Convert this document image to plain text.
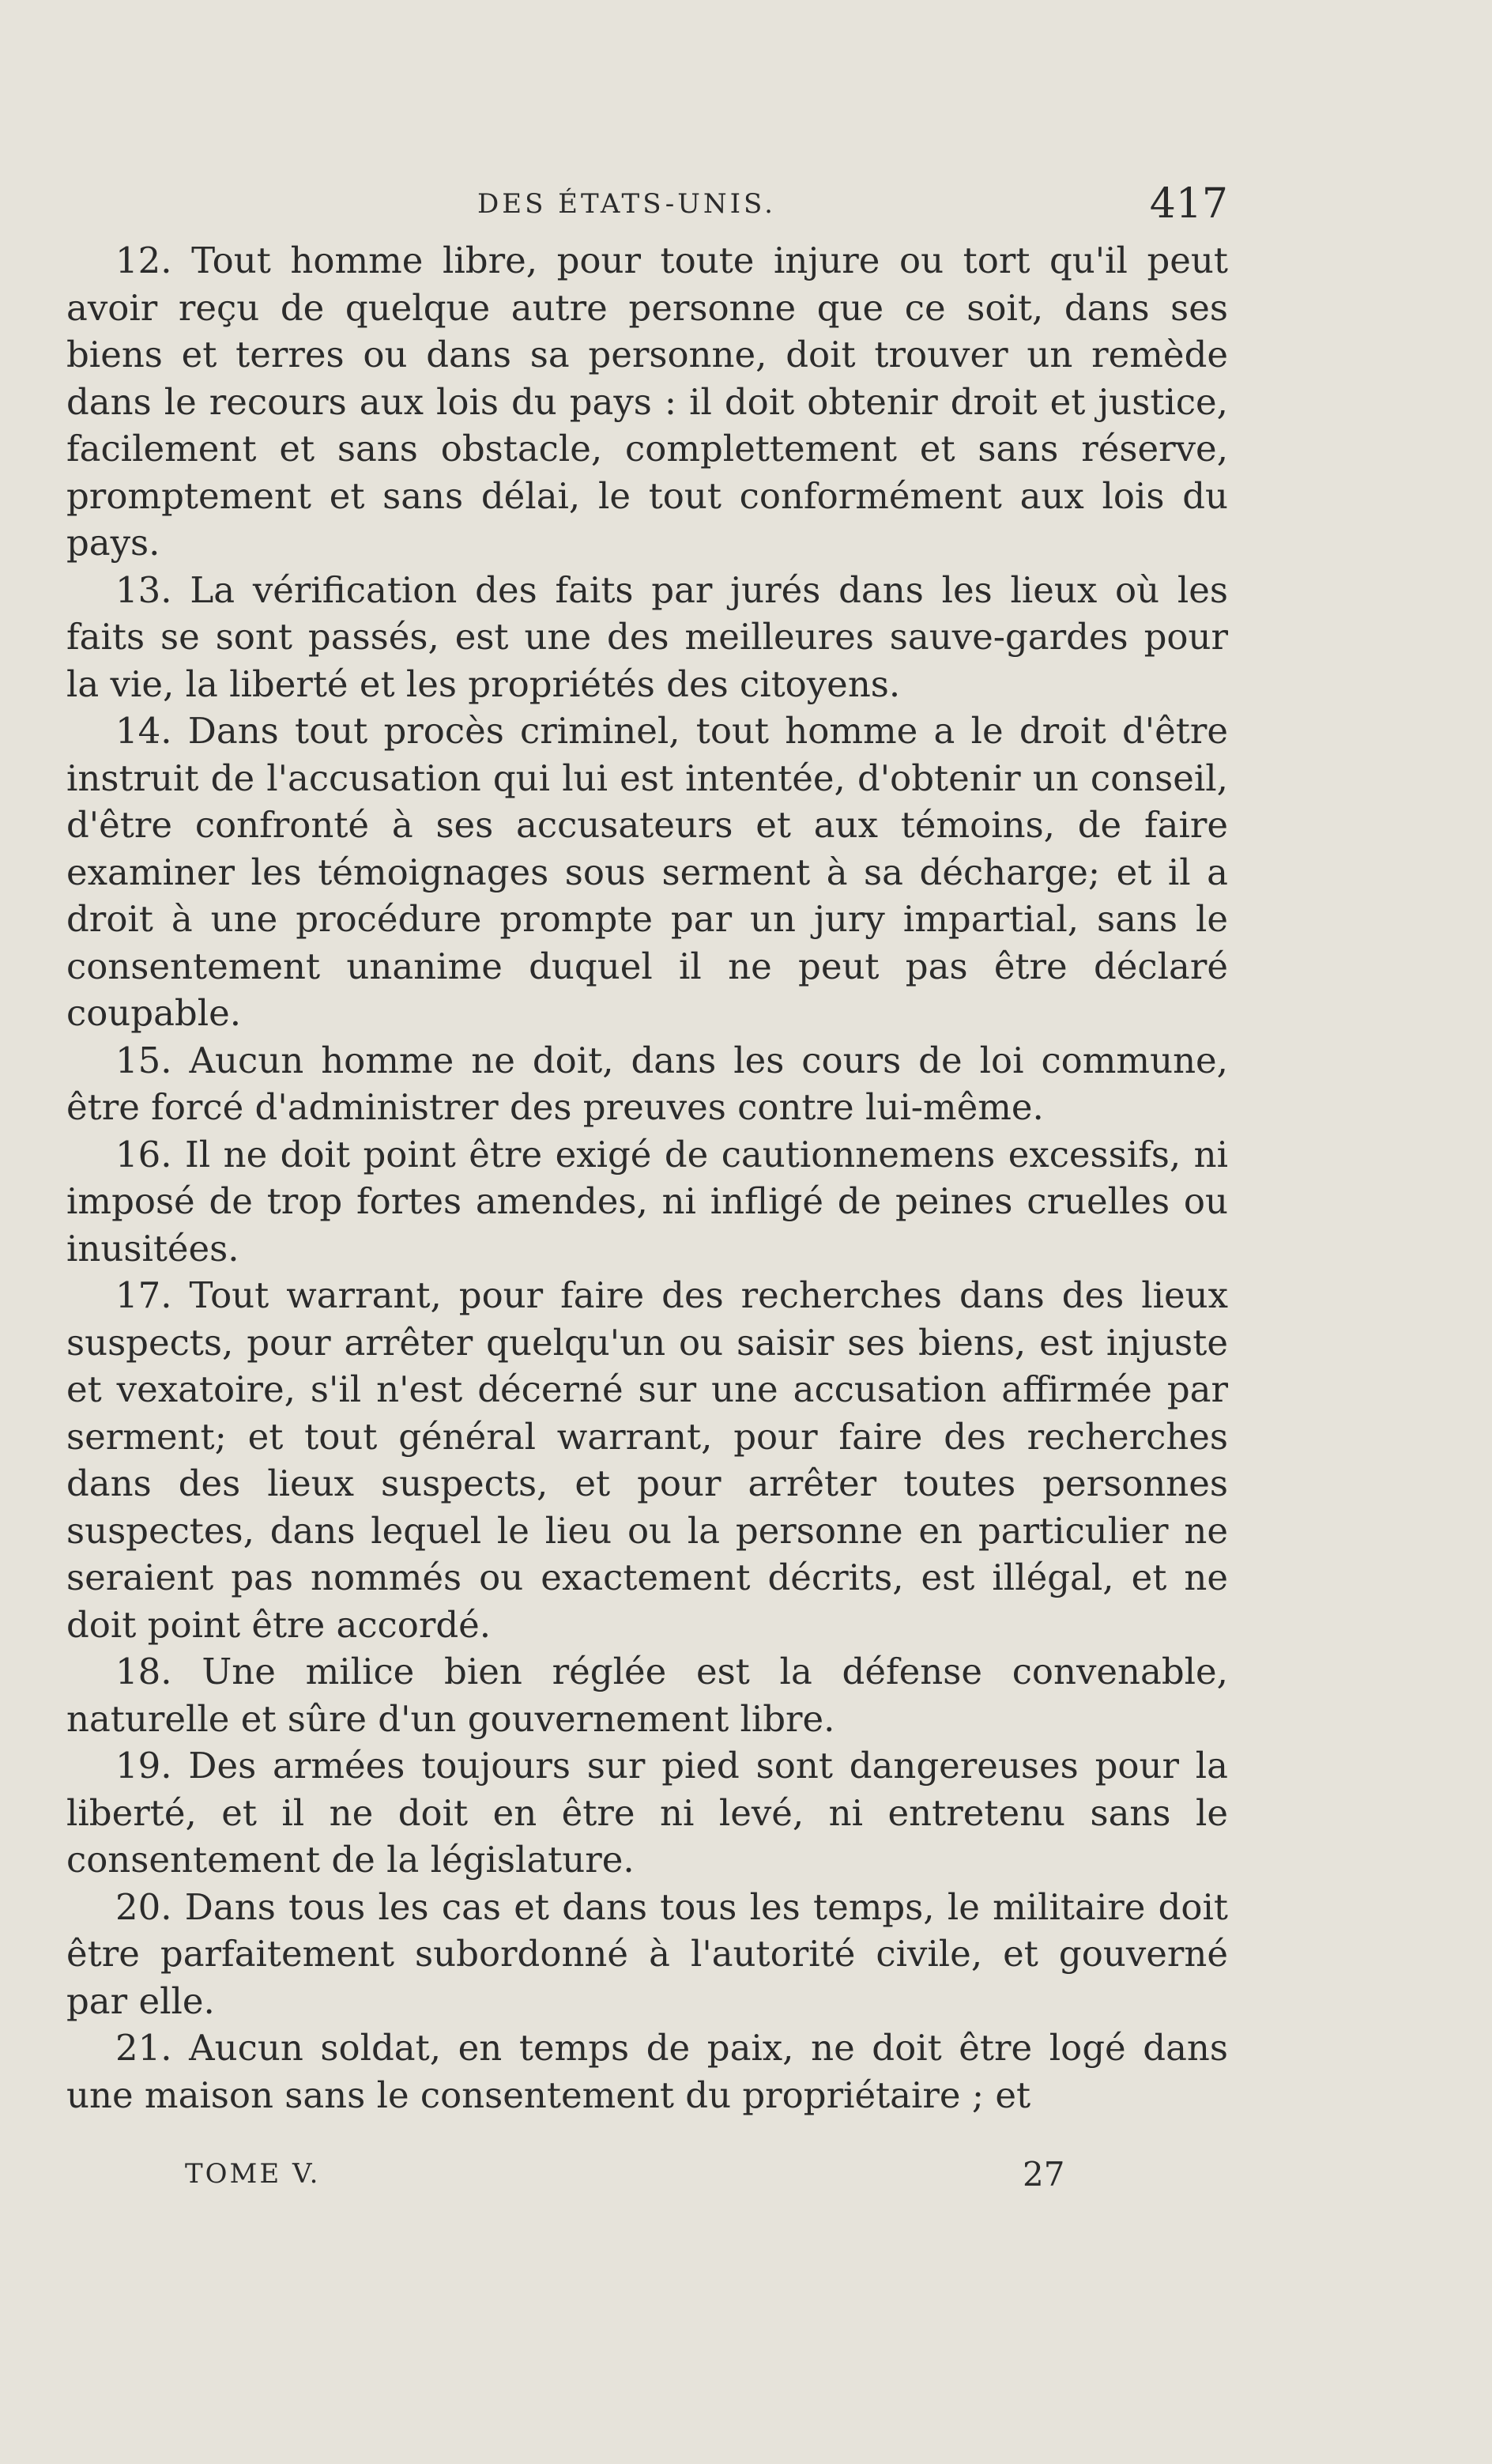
DES ÉTATS-UNIS.	417

12. Tout homme libre, pour toute injure ou tort qu'il peut avoir reçu de quelque autre personne que ce soit, dans ses biens et terres ou dans sa personne, doit trouver un remède dans le recours aux lois du pays : il doit obtenir droit et justice, facilement et sans obstacle, complettement et sans réserve, promptement et sans délai, le tout conformément aux lois du pays.

13. La vérification des faits par jurés dans les lieux où les faits se sont passés, est une des meilleures sauve-gardes pour la vie, la liberté et les propriétés des citoyens.

14. Dans tout procès criminel, tout homme a le droit d'être instruit de l'accusation qui lui est intentée, d'obtenir un conseil, d'être confronté à ses accusateurs et aux témoins, de faire examiner les témoignages sous serment à sa décharge; et il a droit à une procédure prompte par un jury impartial, sans le consentement unanime duquel il ne peut pas être déclaré coupable.

15. Aucun homme ne doit, dans les cours de loi commune, être forcé d'administrer des preuves contre lui-même.

16. Il ne doit point être exigé de cautionnemens excessifs, ni imposé de trop fortes amendes, ni infligé de peines cruelles ou inusitées.

17. Tout warrant, pour faire des recherches dans des lieux suspects, pour arrêter quelqu'un ou saisir ses biens, est injuste et vexatoire, s'il n'est décerné sur une accusation affirmée par serment; et tout général warrant, pour faire des recherches dans des lieux suspects, et pour arrêter toutes personnes suspectes, dans lequel le lieu ou la personne en particulier ne seraient pas nommés ou exactement décrits, est illégal, et ne doit point être accordé.

18. Une milice bien réglée est la défense convenable, naturelle et sûre d'un gouvernement libre.

19. Des armées toujours sur pied sont dangereuses pour la liberté, et il ne doit en être ni levé, ni entretenu sans le consentement de la législature.

20. Dans tous les cas et dans tous les temps, le militaire doit être parfaitement subordonné à l'autorité civile, et gouverné par elle.

21. Aucun soldat, en temps de paix, ne doit être logé dans une maison sans le consentement du propriétaire ; et

TOME V.	27
